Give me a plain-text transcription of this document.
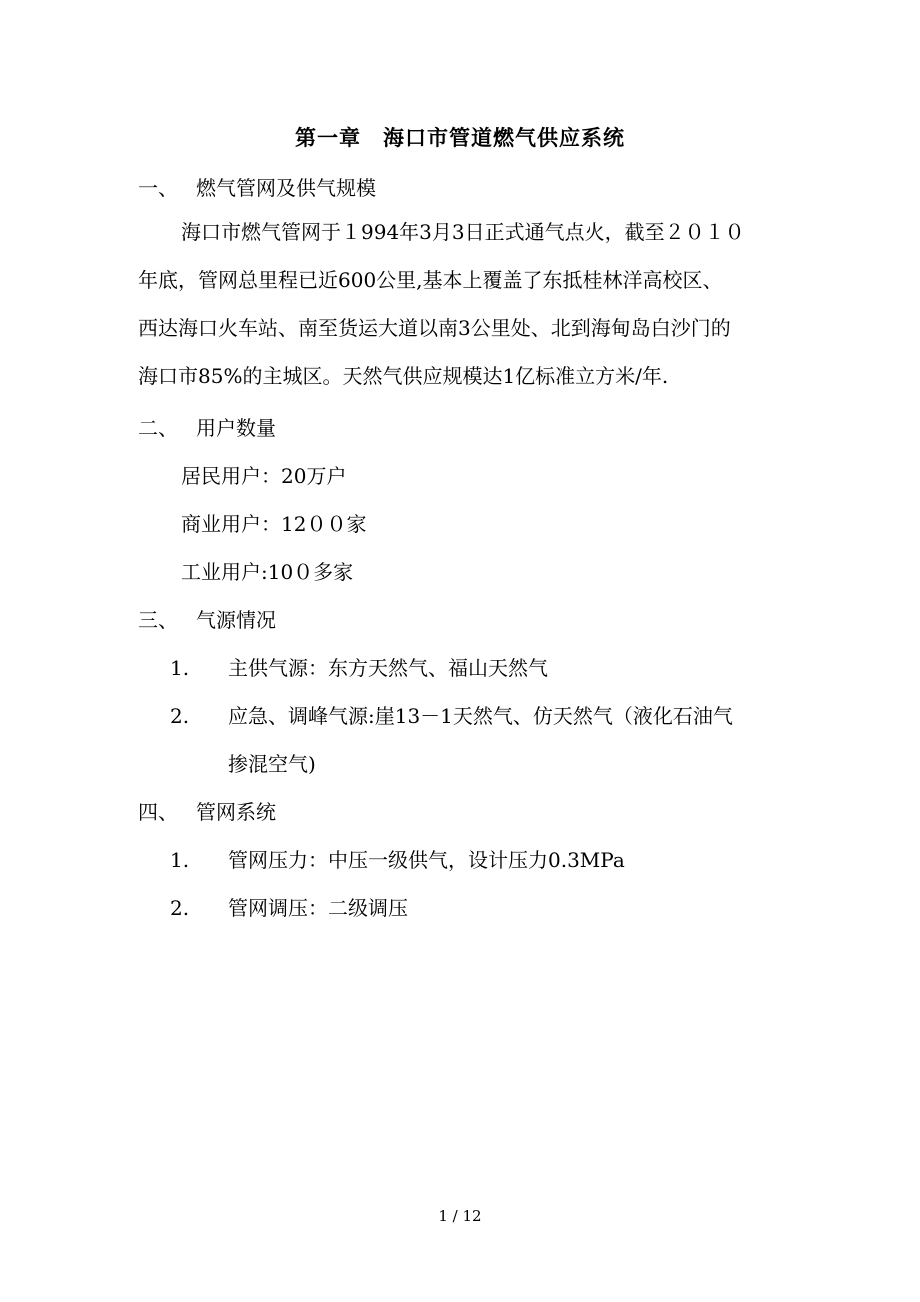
第一章　海口市管道燃气供应系统
一、 燃气管网及供气规模
海口市燃气管网于１994年3月3日正式通气点火，截至２０１０
年底，管网总里程已近600公里,基本上覆盖了东抵桂林洋高校区、
西达海口火车站、南至货运大道以南3公里处、北到海甸岛白沙门的
海口市85%的主城区。天然气供应规模达1亿标准立方米/年.
二、 用户数量
居民用户：20万户
商业用户：12００家
工业用户:10０多家
三、 气源情况
1. 主供气源：东方天然气、福山天然气
2. 应急、调峰气源:崖13－1天然气、仿天然气（液化石油气
掺混空气)
四、 管网系统
1. 管网压力：中压一级供气，设计压力0.3MPa
2. 管网调压：二级调压
1 / 12
